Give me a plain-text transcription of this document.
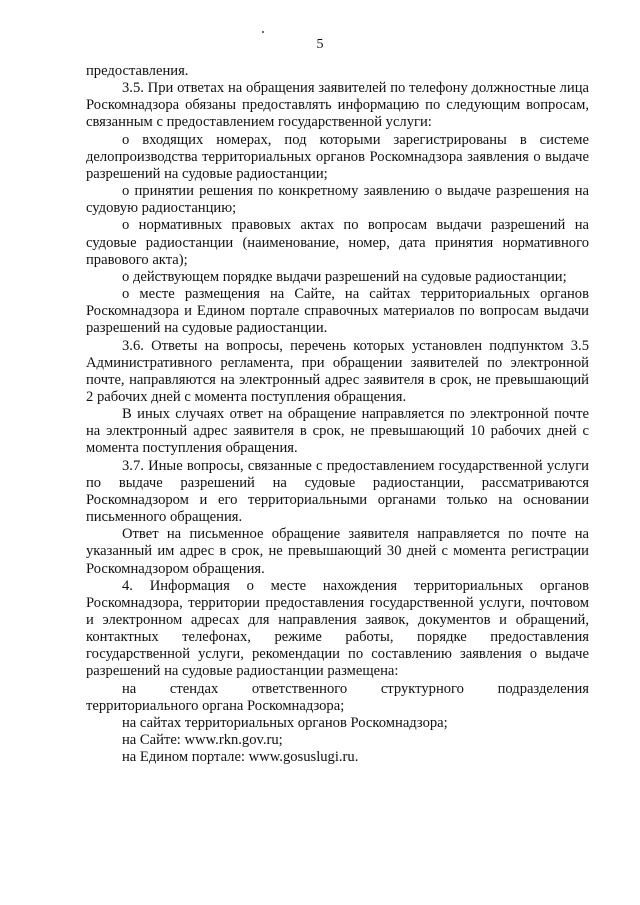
5

предоставления.

3.5. При ответах на обращения заявителей по телефону должностные лица Роскомнадзора обязаны предоставлять информацию по следующим вопросам, связанным с предоставлением государственной услуги:

о входящих номерах, под которыми зарегистрированы в системе делопроизводства территориальных органов Роскомнадзора заявления о выдаче разрешений на судовые радиостанции;

о принятии решения по конкретному заявлению о выдаче разрешения на судовую радиостанцию;

о нормативных правовых актах по вопросам выдачи разрешений на судовые радиостанции (наименование, номер, дата принятия нормативного правового акта);

о действующем порядке выдачи разрешений на судовые радиостанции;

о месте размещения на Сайте, на сайтах территориальных органов Роскомнадзора и Едином портале справочных материалов по вопросам выдачи разрешений на судовые радиостанции.

3.6. Ответы на вопросы, перечень которых установлен подпунктом 3.5 Административного регламента, при обращении заявителей по электронной почте, направляются на электронный адрес заявителя в срок, не превышающий 2 рабочих дней с момента поступления обращения.

В иных случаях ответ на обращение направляется по электронной почте на электронный адрес заявителя в срок, не превышающий 10 рабочих дней с момента поступления обращения.

3.7. Иные вопросы, связанные с предоставлением государственной услуги по выдаче разрешений на судовые радиостанции, рассматриваются Роскомнадзором и его территориальными органами только на основании письменного обращения.

Ответ на письменное обращение заявителя направляется по почте на указанный им адрес в срок, не превышающий 30 дней с момента регистрации Роскомнадзором обращения.

4. Информация о месте нахождения территориальных органов Роскомнадзора, территории предоставления государственной услуги, почтовом и электронном адресах для направления заявок, документов и обращений, контактных телефонах, режиме работы, порядке предоставления государственной услуги, рекомендации по составлению заявления о выдаче разрешений на судовые радиостанции размещена:

на стендах ответственного структурного подразделения
территориального органа Роскомнадзора;
на сайтах территориальных органов Роскомнадзора;
на Сайте: www.rkn.gov.ru;
на Едином портале: www.gosuslugi.ru.
